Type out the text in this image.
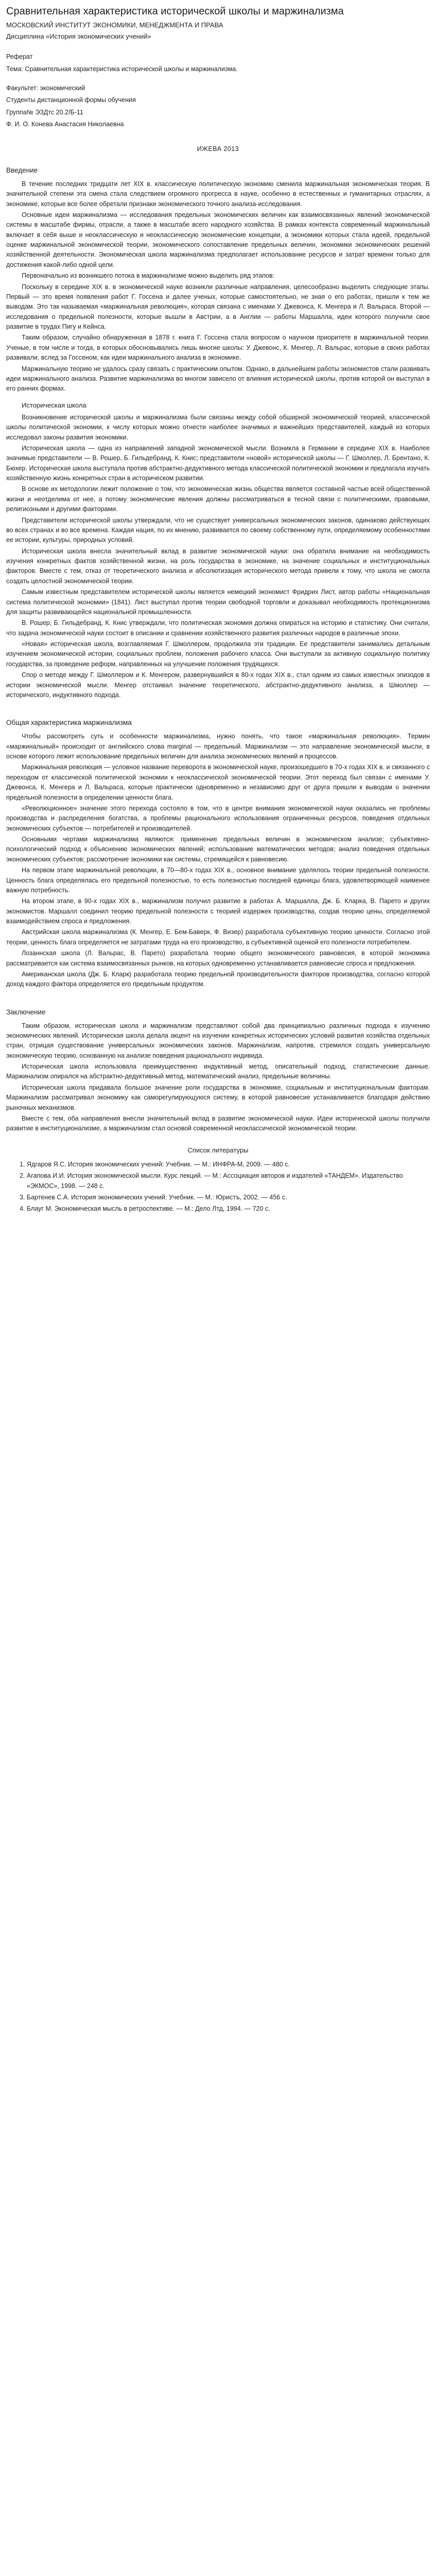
Сравнительная характеристика исторической школы и маржинализма
МОСКОВСКИЙ ИНСТИТУТ ЭКОНОМИКИ, МЕНЕДЖМЕНТА И ПРАВА
Дисциплина «История экономических учений»
Реферат
Тема: Сравнительная характеристика исторической школы и маржинализма.
Факультет: экономический
Студенты дистанционной формы обучения
Группа№ ЭЗДтс 20.2/Б-11
Ф. И. О. Конева Анастасия Николаевна
ИЖЕВА 2013
Введение

В течение последних тридцати лет XIX в. классическую политическую экономию сменила маржинальная экономическая теория. В значительной степени эта смена стала следствием огромного прогресса в науке, особенно в естественных и гуманитарных отраслях, а экономике, которые все более обретали признаки экономического точного анализа-исследования.

Основные идеи маржинализма — исследования предельных экономических величин как взаимосвязанных явлений экономической системы в масштабе фирмы, отрасли, а также в масштабе всего народного хозяйства. В рамках контекста современный маржинальный включает в себя выше и неоклассическую и неоклассическую экономические концепции, а экономики которых стала идеей, предельной оценке маржинальной экономической теории, экономического сопоставление предельных величин, экономики экономических решений хозяйственной деятельности. Экономическая школа маржинализма предполагает использование ресурсов и затрат времени только для достижения какой-либо одной цели.

Первоначально из возникшего потока в маржинализме можно выделить ряд этапов:

Поскольку в середине XIX в. в экономической науке возникли различные направления, целесообразно выделить следующие этапы. Первый — это время появления работ Г. Госсена и далее ученых, которые самостоятельно, не зная о его работах, пришли к тем же выводам. Это так называемая «маржинальная революция», которая связана с именами У. Джевонса, К. Менгера и Л. Вальраса. Второй — исследования о предельной полезности, которые вышли в Австрии, а в Англии — работы Маршалла, идеи которого получили свое развитие в трудах Пигу и Кейнса.

Таким образом, случайно обнаруженная в 1878 г. книга Г. Госсена стала вопросом о научном приоритете в маржинальной теории. Ученые, в том числе и тогда, в которых обосновывались лишь многие школы: У. Джевонс, К. Менгер, Л. Вальрас, которые в своих работах развивали, вслед за Госсеном, как идеи маржинального анализа в экономике.

Маржинальную теорию не удалось сразу связать с практическим опытом. Однако, в дальнейшем работы экономистов стали развивать идеи маржинального анализа. Развитие маржинализма во многом зависело от влияния исторической школы, против которой он выступал в его ранних формах.

Историческая школа

Возникновение исторической школы и маржинализма были связаны между собой обширной экономической теорией, классической школы политической экономии, к числу которых можно отнести наиболее значимых и важнейших представителей, каждый из которых исследовал законы развития экономики.

Историческая школа — одна из направлений западной экономической мысли. Возникла в Германии в середине XIX в. Наиболее значимые представители — В. Рошер, Б. Гильдебранд, К. Книс; представители «новой» исторической школы — Г. Шмоллер, Л. Брентано, К. Бюхер. Историческая школа выступала против абстрактно-дедуктивного метода классической политической экономии и предлагала изучать хозяйственную жизнь конкретных стран в историческом развитии.

В основе их методологии лежит положение о том, что экономическая жизнь общества является составной частью всей общественной жизни и неотделима от нее, а потому экономические явления должны рассматриваться в тесной связи с политическими, правовыми, религиозными и другими факторами.

Представители исторической школы утверждали, что не существует универсальных экономических законов, одинаково действующих во всех странах и во все времена. Каждая нация, по их мнению, развивается по своему собственному пути, определяемому особенностями ее истории, культуры, природных условий.

Историческая школа внесла значительный вклад в развитие экономической науки: она обратила внимание на необходимость изучения конкретных фактов хозяйственной жизни, на роль государства в экономике, на значение социальных и институциональных факторов. Вместе с тем, отказ от теоретического анализа и абсолютизация исторического метода привели к тому, что школа не смогла создать целостной экономической теории.

Самым известным представителем исторической школы является немецкий экономист Фридрих Лист, автор работы «Национальная система политической экономии» (1841). Лист выступал против теории свободной торговли и доказывал необходимость протекционизма для защиты развивающейся национальной промышленности.

В. Рошер, Б. Гильдебранд, К. Книс утверждали, что политическая экономия должна опираться на историю и статистику. Они считали, что задача экономической науки состоит в описании и сравнении хозяйственного развития различных народов в различные эпохи.

«Новая» историческая школа, возглавляемая Г. Шмоллером, продолжила эти традиции. Ее представители занимались детальным изучением экономической истории, социальных проблем, положения рабочего класса. Они выступали за активную социальную политику государства, за проведение реформ, направленных на улучшение положения трудящихся.

Спор о методе между Г. Шмоллером и К. Менгером, развернувшийся в 80-х годах XIX в., стал одним из самых известных эпизодов в истории экономической мысли. Менгер отстаивал значение теоретического, абстрактно-дедуктивного анализа, а Шмоллер — исторического, индуктивного подхода.

Общая характеристика маржинализма

Чтобы рассмотреть суть и особенности маржинализма, нужно понять, что такое «маржинальная революция». Термин «маржинальный» происходит от английского слова marginal — предельный. Маржинализм — это направление экономической мысли, в основе которого лежит использование предельных величин для анализа экономических явлений и процессов.

Маржинальная революция — условное название переворота в экономической науке, произошедшего в 70-х годах XIX в. и связанного с переходом от классической политической экономии к неоклассической экономической теории. Этот переход был связан с именами У. Джевонса, К. Менгера и Л. Вальраса, которые практически одновременно и независимо друг от друга пришли к выводам о значении предельной полезности в определении ценности блага.

«Революционное» значение этого перехода состояло в том, что в центре внимания экономической науки оказались не проблемы производства и распределения богатства, а проблемы рационального использования ограниченных ресурсов, поведения отдельных экономических субъектов — потребителей и производителей.

Основными чертами маржинализма являются: применение предельных величин в экономическом анализе; субъективно-психологический подход к объяснению экономических явлений; использование математических методов; анализ поведения отдельных экономических субъектов; рассмотрение экономики как системы, стремящейся к равновесию.

На первом этапе маржинальной революции, в 70—80-х годах XIX в., основное внимание уделялось теории предельной полезности. Ценность блага определялась его предельной полезностью, то есть полезностью последней единицы блага, удовлетворяющей наименее важную потребность.

На втором этапе, в 90-х годах XIX в., маржинализм получил развитие в работах А. Маршалла, Дж. Б. Кларка, В. Парето и других экономистов. Маршалл соединил теорию предельной полезности с теорией издержек производства, создав теорию цены, определяемой взаимодействием спроса и предложения.

Австрийская школа маржинализма (К. Менгер, Е. Бем-Баверк, Ф. Визер) разработала субъективную теорию ценности. Согласно этой теории, ценность блага определяется не затратами труда на его производство, а субъективной оценкой его полезности потребителем.

Лозаннская школа (Л. Вальрас, В. Парето) разработала теорию общего экономического равновесия, в которой экономика рассматривается как система взаимосвязанных рынков, на которых одновременно устанавливается равновесие спроса и предложения.

Американская школа (Дж. Б. Кларк) разработала теорию предельной производительности факторов производства, согласно которой доход каждого фактора определяется его предельным продуктом.

Заключение

Таким образом, историческая школа и маржинализм представляют собой два принципиально различных подхода к изучению экономических явлений. Историческая школа делала акцент на изучении конкретных исторических условий развития хозяйства отдельных стран, отрицая существование универсальных экономических законов. Маржинализм, напротив, стремился создать универсальную экономическую теорию, основанную на анализе поведения рационального индивида.

Историческая школа использовала преимущественно индуктивный метод, описательный подход, статистические данные. Маржинализм опирался на абстрактно-дедуктивный метод, математический анализ, предельные величины.

Историческая школа придавала большое значение роли государства в экономике, социальным и институциональным факторам. Маржинализм рассматривал экономику как саморегулирующуюся систему, в которой равновесие устанавливается благодаря действию рыночных механизмов.

Вместе с тем, оба направления внесли значительный вклад в развитие экономической науки. Идеи исторической школы получили развитие в институционализме, а маржинализм стал основой современной неоклассической экономической теории.

Список литературы
1. Ядгаров Я.С. История экономических учений: Учебник. — М.: ИНФРА-М, 2009. — 480 с.
2. Агапова И.И. История экономической мысли. Курс лекций. — М.: Ассоциация авторов и издателей «ТАНДЕМ». Издательство «ЭКМОС», 1998. — 248 с.
3. Бартенев С.А. История экономических учений: Учебник. — М.: Юристъ, 2002. — 456 с.
4. Блауг М. Экономическая мысль в ретроспективе. — М.: Дело Лтд, 1994. — 720 с.
